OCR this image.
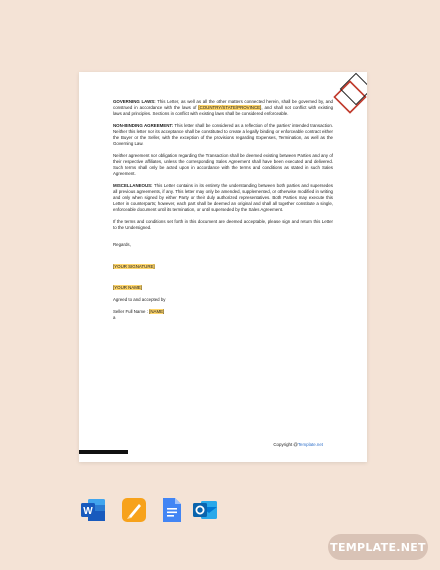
GOVERNING LAWS: This Letter, as well as all the other matters connected herein, shall be governed by, and construed in accordance with the laws of [COUNTRY/STATE/PROVINCE], and shall not conflict with existing laws and principles. Sections in conflict with existing laws shall be considered enforceable.

NON-BINDING AGREEMENT: This letter shall be considered as a reflection of the parties' intended transaction. Neither this letter nor its acceptance shall be constituted to create a legally binding or enforceable contract either the Buyer or the Seller, with the exception of the provisions regarding Expenses, Termination, as well as the Governing Law.

Neither agreement nor obligation regarding the Transaction shall be deemed existing between Parties and any of their respective affiliates, unless the corresponding Sales Agreement shall have been executed and delivered. Such terms shall only be acted upon in accordance with the terms and conditions as stated in such Sales Agreement.

MISCELLANEOUS: This Letter contains in its entirety the understanding between both parties and supersedes all previous agreements, if any. This letter may only be amended, supplemented, or otherwise modified in writing and only when signed by either Party or their duly authorized representatives. Both Parties may execute this Letter in counterparts; however, each part shall be deemed an original and shall all together constitute a single, enforceable document until its termination, or until superseded by the Sales Agreement.

If the terms and conditions set forth in this document are deemed acceptable, please sign and return this Letter to the Undersigned.

Regards,

[YOUR SIGNATURE]

[YOUR NAME]

Agreed to and accepted by

Seller Full Name : [NAME]

a

Copyright @Template.net
W
TEMPLATE.NET
